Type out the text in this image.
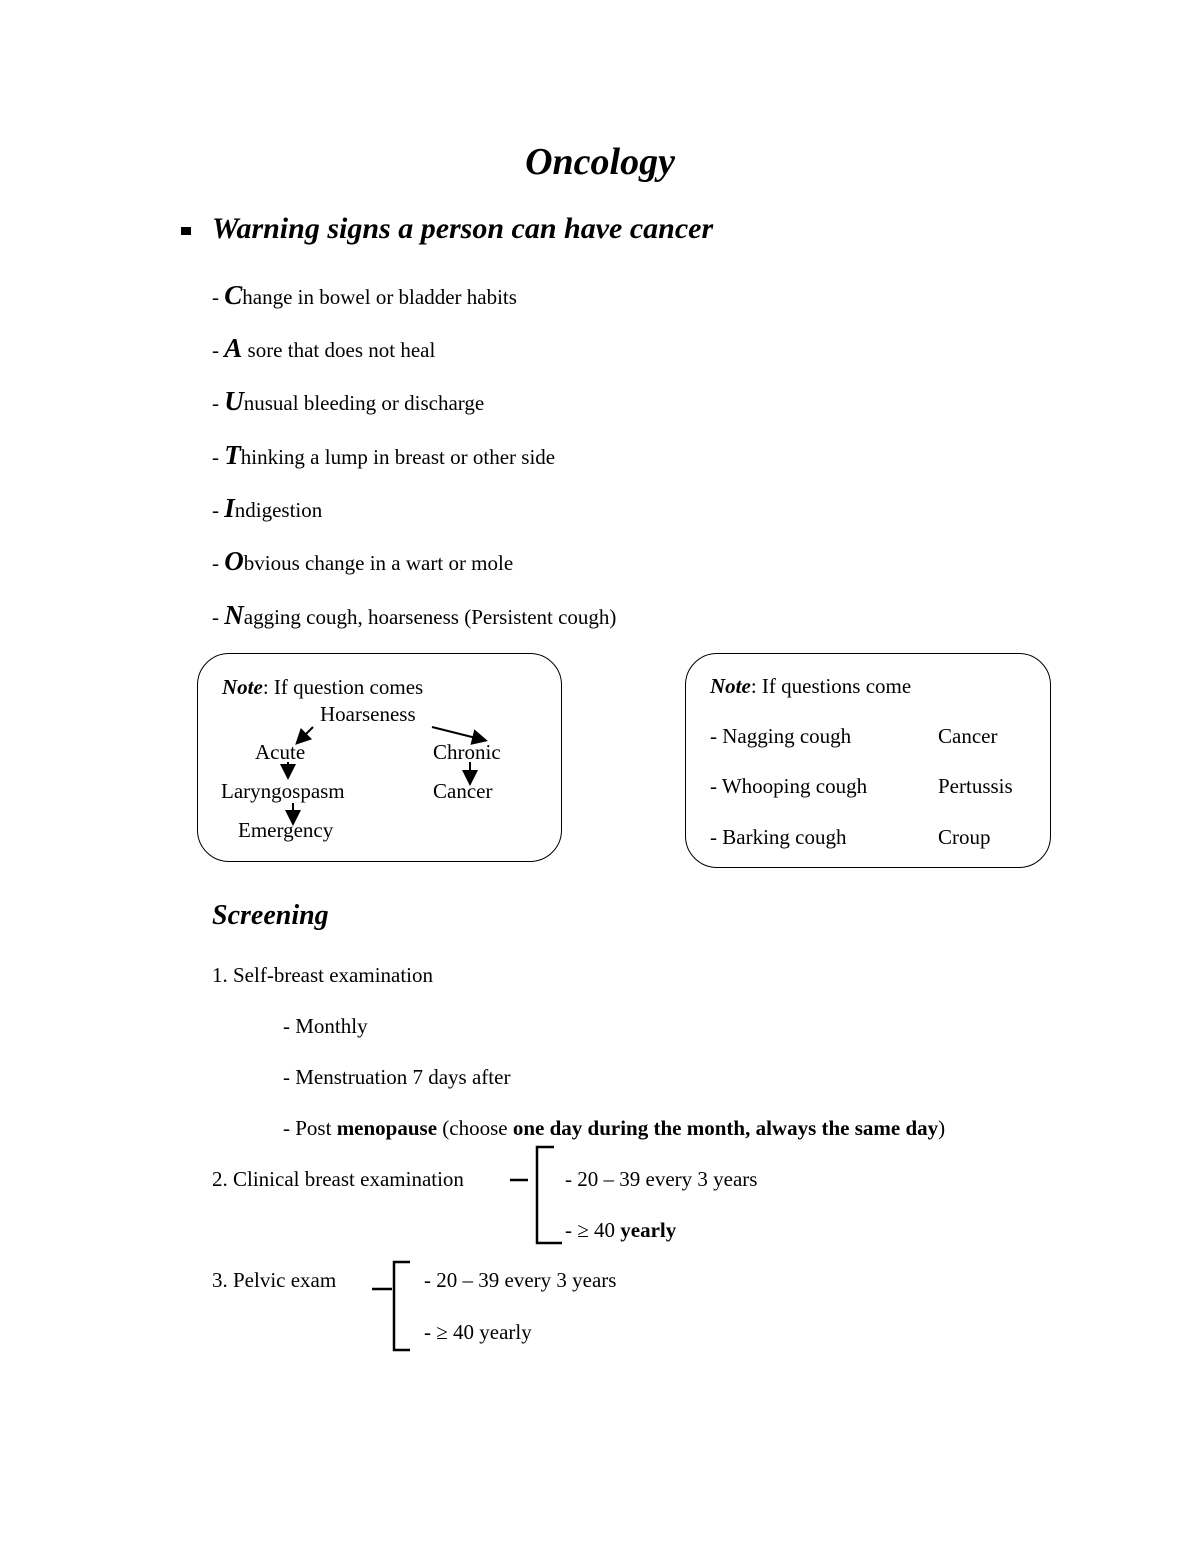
Oncology
Warning signs a person can have cancer
- Change in bowel or bladder habits
- A sore that does not heal
- Unusual bleeding or discharge
- Thinking a lump in breast or other side
- Indigestion
- Obvious change in a wart or mole
- Nagging cough, hoarseness (Persistent cough)
Note: If question comes
Hoarseness
Acute	Chronic
Laryngospasm	Cancer
Emergency
Note: If questions come
- Nagging cough	Cancer
- Whooping cough	Pertussis
- Barking cough	Croup
Screening
1. Self-breast examination
- Monthly
- Menstruation 7 days after
- Post menopause (choose one day during the month, always the same day)
2. Clinical breast examination	- 20 – 39 every 3 years
- ≥ 40 yearly
3. Pelvic exam	- 20 – 39 every 3 years
- ≥ 40 yearly
